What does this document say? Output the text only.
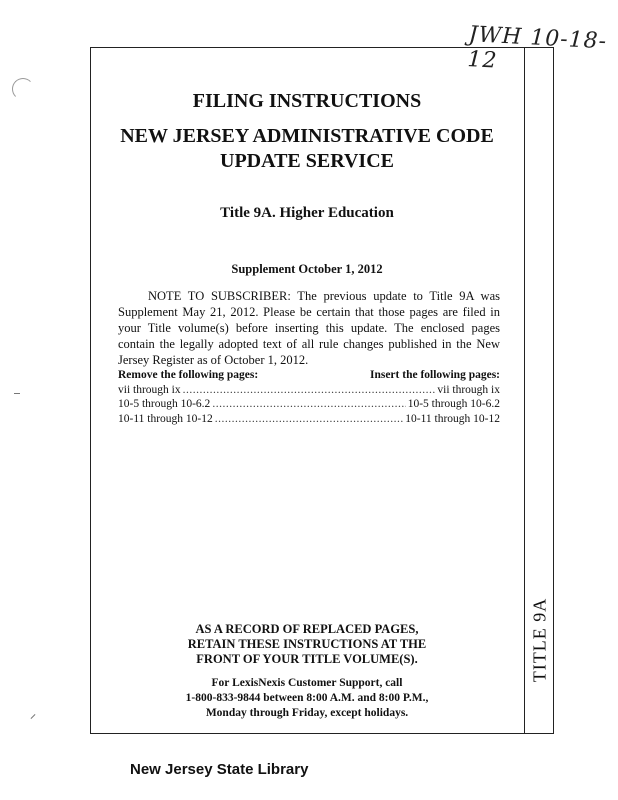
JWH 10-18-12
TITLE 9A
FILING INSTRUCTIONS
NEW JERSEY ADMINISTRATIVE CODE
UPDATE SERVICE
Title 9A. Higher Education
Supplement October 1, 2012
NOTE TO SUBSCRIBER: The previous update to Title 9A was Supplement May 21, 2012. Please be certain that those pages are filed in your Title volume(s) before inserting this update. The enclosed pages contain the legally adopted text of all rule changes published in the New Jersey Register as of October 1, 2012.
Remove the following pages:	Insert the following pages:
vii through ix .....	vii through ix
10-5 through 10-6.2 .....	10-5 through 10-6.2
10-11 through 10-12 .....	10-11 through 10-12
AS A RECORD OF REPLACED PAGES,
RETAIN THESE INSTRUCTIONS AT THE
FRONT OF YOUR TITLE VOLUME(S).
For LexisNexis Customer Support, call
1-800-833-9844 between 8:00 A.M. and 8:00 P.M.,
Monday through Friday, except holidays.
New Jersey State Library
